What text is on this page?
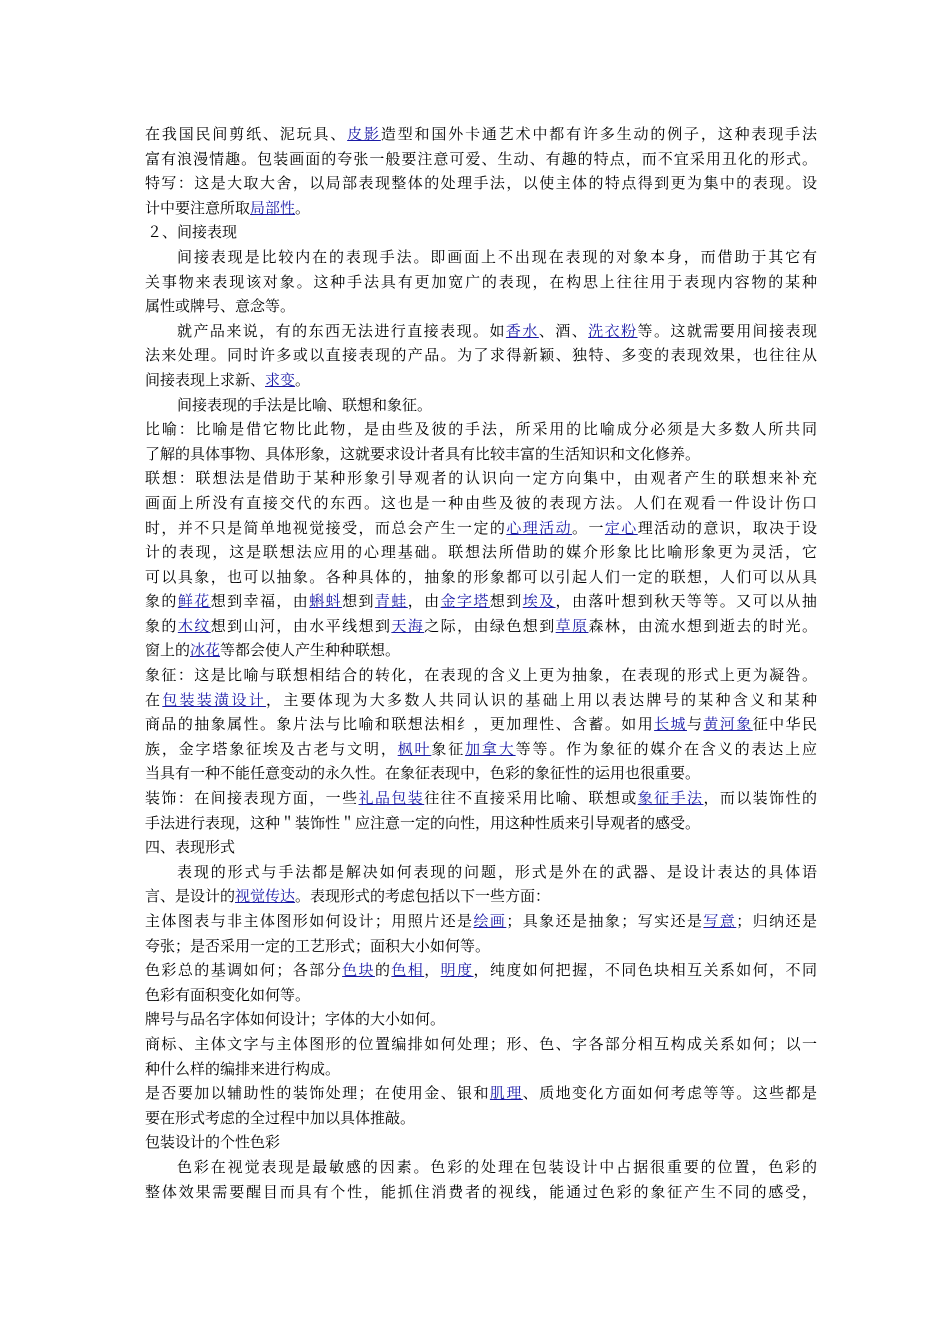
在我国民间剪纸、泥玩具、皮影造型和国外卡通艺术中都有许多生动的例子，这种表现手法
富有浪漫情趣。包装画面的夸张一般要注意可爱、生动、有趣的特点，而不宜采用丑化的形式。
特写：这是大取大舍，以局部表现整体的处理手法，以使主体的特点得到更为集中的表现。设
计中要注意所取局部性。
２、间接表现
间接表现是比较内在的表现手法。即画面上不出现在表现的对象本身，而借助于其它有
关事物来表现该对象。这种手法具有更加宽广的表现，在构思上往往用于表现内容物的某种
属性或牌号、意念等。
就产品来说，有的东西无法进行直接表现。如香水、酒、洗衣粉等。这就需要用间接表现
法来处理。同时许多或以直接表现的产品。为了求得新颖、独特、多变的表现效果，也往往从
间接表现上求新、求变。
间接表现的手法是比喻、联想和象征。
比喻：比喻是借它物比此物，是由些及彼的手法，所采用的比喻成分必须是大多数人所共同
了解的具体事物、具体形象，这就要求设计者具有比较丰富的生活知识和文化修养。
联想：联想法是借助于某种形象引导观者的认识向一定方向集中，由观者产生的联想来补充
画面上所没有直接交代的东西。这也是一种由些及彼的表现方法。人们在观看一件设计伤口
时，并不只是简单地视觉接受，而总会产生一定的心理活动。一定心理活动的意识，取决于设
计的表现，这是联想法应用的心理基础。联想法所借助的媒介形象比比喻形象更为灵活，它
可以具象，也可以抽象。各种具体的，抽象的形象都可以引起人们一定的联想，人们可以从具
象的鲜花想到幸福，由蝌蚪想到青蛙，由金字塔想到埃及，由落叶想到秋天等等。又可以从抽
象的木纹想到山河，由水平线想到天海之际，由绿色想到草原森林，由流水想到逝去的时光。
窗上的冰花等都会使人产生种种联想。
象征：这是比喻与联想相结合的转化，在表现的含义上更为抽象，在表现的形式上更为凝咎。
在包装装潢设计，主要体现为大多数人共同认识的基础上用以表达牌号的某种含义和某种
商品的抽象属性。象片法与比喻和联想法相纟，更加理性、含蓄。如用长城与黄河象征中华民
族，金字塔象征埃及古老与文明，枫叶象征加拿大等等。作为象征的媒介在含义的表达上应
当具有一种不能任意变动的永久性。在象征表现中，色彩的象征性的运用也很重要。
装饰：在间接表现方面，一些礼品包装往往不直接采用比喻、联想或象征手法，而以装饰性的
手法进行表现，这种＂装饰性＂应注意一定的向性，用这种性质来引导观者的感受。
四、表现形式
表现的形式与手法都是解决如何表现的问题，形式是外在的武器、是设计表达的具体语
言、是设计的视觉传达。表现形式的考虑包括以下一些方面：
主体图表与非主体图形如何设计；用照片还是绘画；具象还是抽象；写实还是写意；归纳还是
夸张；是否采用一定的工艺形式；面积大小如何等。
色彩总的基调如何；各部分色块的色相，明度，纯度如何把握，不同色块相互关系如何，不同
色彩有面积变化如何等。
牌号与品名字体如何设计；字体的大小如何。
商标、主体文字与主体图形的位置编排如何处理；形、色、字各部分相互构成关系如何；以一
种什么样的编排来进行构成。
是否要加以辅助性的装饰处理；在使用金、银和肌理、质地变化方面如何考虑等等。这些都是
要在形式考虑的全过程中加以具体推敲。
包装设计的个性色彩
色彩在视觉表现是最敏感的因素。色彩的处理在包装设计中占据很重要的位置，色彩的
整体效果需要醒目而具有个性，能抓住消费者的视线，能通过色彩的象征产生不同的感受，
